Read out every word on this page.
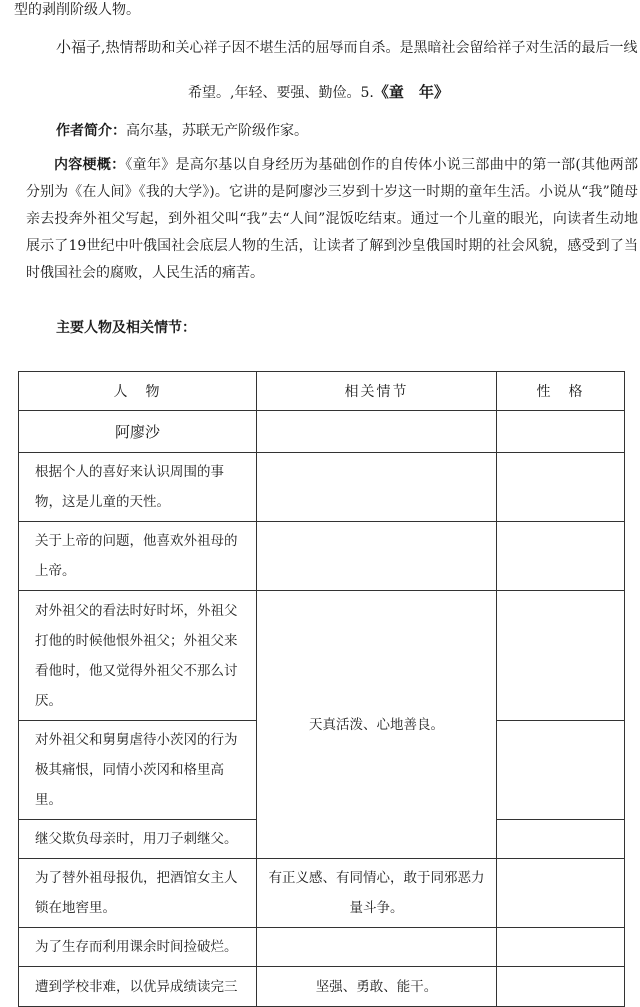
型的剥削阶级人物。
小福子,热情帮助和关心祥子因不堪生活的屈辱而自杀。是黑暗社会留给祥子对生活的最后一线
希望。,年轻、要强、勤俭。5.《童　年》
作者简介：高尔基，苏联无产阶级作家。
内容梗概：《童年》是高尔基以自身经历为基础创作的自传体小说三部曲中的第一部(其他两部分别为《在人间》《我的大学》)。它讲的是阿廖沙三岁到十岁这一时期的童年生活。小说从“我”随母亲去投奔外祖父写起，到外祖父叫“我”去“人间”混饭吃结束。通过一个儿童的眼光，向读者生动地展示了19世纪中叶俄国社会底层人物的生活，让读者了解到沙皇俄国时期的社会风貌，感受到了当时俄国社会的腐败，人民生活的痛苦。
主要人物及相关情节：
人　物	相关情节	性　格
阿廖沙		
根据个人的喜好来认识周围的事物，这是儿童的天性。		
关于上帝的问题，他喜欢外祖母的上帝。		
对外祖父的看法时好时坏，外祖父打他的时候他恨外祖父；外祖父来看他时，他又觉得外祖父不那么讨厌。	天真活泼、心地善良。	
对外祖父和舅舅虐待小茨冈的行为极其痛恨，同情小茨冈和格里高里。		
继父欺负母亲时，用刀子刺继父。		
为了替外祖母报仇，把酒馆女主人锁在地窖里。	有正义感、有同情心，敢于同邪恶力量斗争。	
为了生存而利用课余时间捡破烂。		
遭到学校非难，以优异成绩读完三	坚强、勇敢、能干。	
